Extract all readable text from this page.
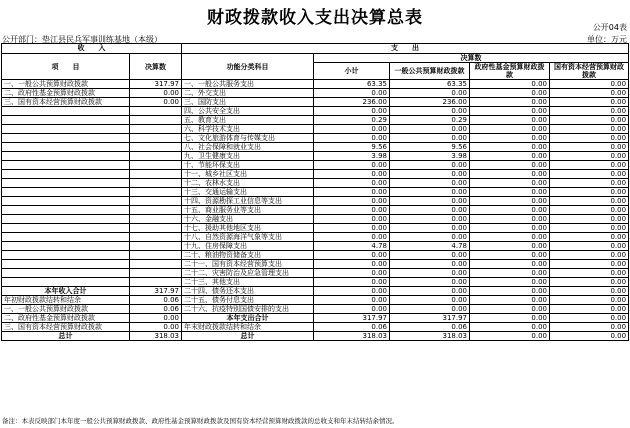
财政拨款收入支出决算总表	公开04表
公开部门：垫江县民兵军事训练基地（本级）	单位：万元
收　　入		支　　出				
项　　目	决算数	功能分类科目	决算数			
			小计	一般公共预算财政拨款	政府性基金预算财政拨款	国有资本经营预算财政拨款
一、一般公共预算财政拨款	317.97	一、一般公共服务支出	63.35	63.35	0.00	0.00
二、政府性基金预算财政拨款	0.00	二、外交支出	0.00	0.00	0.00	0.00
三、国有资本经营预算财政拨款	0.00	三、国防支出	236.00	236.00	0.00	0.00
		四、公共安全支出	0.00	0.00	0.00	0.00
		五、教育支出	0.29	0.29	0.00	0.00
		六、科学技术支出	0.00	0.00	0.00	0.00
		七、文化旅游体育与传媒支出	0.00	0.00	0.00	0.00
		八、社会保障和就业支出	9.56	9.56	0.00	0.00
		九、卫生健康支出	3.98	3.98	0.00	0.00
		十、节能环保支出	0.00	0.00	0.00	0.00
		十一、城乡社区支出	0.00	0.00	0.00	0.00
		十二、农林水支出	0.00	0.00	0.00	0.00
		十三、交通运输支出	0.00	0.00	0.00	0.00
		十四、资源勘探工业信息等支出	0.00	0.00	0.00	0.00
		十五、商业服务业等支出	0.00	0.00	0.00	0.00
		十六、金融支出	0.00	0.00	0.00	0.00
		十七、援助其他地区支出	0.00	0.00	0.00	0.00
		十八、自然资源海洋气象等支出	0.00	0.00	0.00	0.00
		十九、住房保障支出	4.78	4.78	0.00	0.00
		二十、粮油物资储备支出	0.00	0.00	0.00	0.00
		二十一、国有资本经营预算支出	0.00	0.00	0.00	0.00
		二十二、灾害防治及应急管理支出	0.00	0.00	0.00	0.00
		二十三、其他支出	0.00	0.00	0.00	0.00
本年收入合计	317.97	二十四、债务还本支出	0.00	0.00	0.00	0.00
年初财政拨款结转和结余	0.06	二十五、债务付息支出	0.00	0.00	0.00	0.00
一、一般公共预算财政拨款	0.06	二十六、抗疫特别国债安排的支出	0.00	0.00	0.00	0.00
二、政府性基金预算财政拨款	0.00	本年支出合计	317.97	317.97	0.00	0.00
三、国有资本经营预算财政拨款	0.00	年末财政拨款结转和结余	0.06	0.06	0.00	0.00
总计	318.03	总计	318.03	318.03	0.00	0.00
备注：本表反映部门本年度一般公共预算财政拨款、政府性基金预算财政拨款及国有资本经营预算财政拨款的总收支和年末结转结余情况。
